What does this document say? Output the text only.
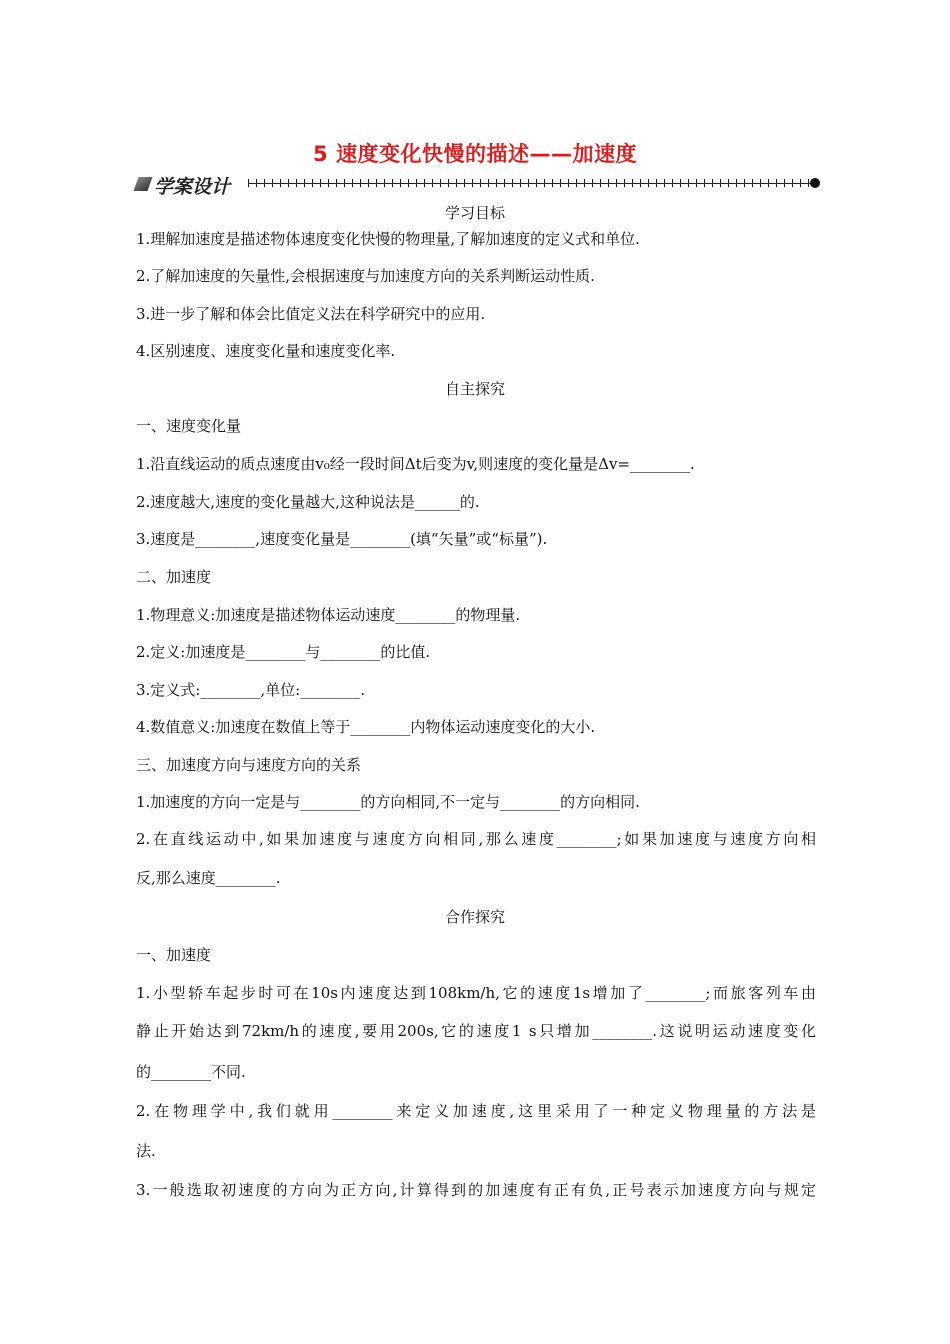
5 速度变化快慢的描述——加速度
学案设计
学习目标
1.理解加速度是描述物体速度变化快慢的物理量,了解加速度的定义式和单位.
2.了解加速度的矢量性,会根据速度与加速度方向的关系判断运动性质.
3.进一步了解和体会比值定义法在科学研究中的应用.
4.区别速度、速度变化量和速度变化率.
自主探究
一、速度变化量
1.沿直线运动的质点速度由v₀经一段时间Δt后变为v,则速度的变化量是Δv=________.
2.速度越大,速度的变化量越大,这种说法是______的.
3.速度是________,速度变化量是________(填“矢量”或“标量”).
二、加速度
1.物理意义:加速度是描述物体运动速度________的物理量.
2.定义:加速度是________与________的比值.
3.定义式:________,单位:________.
4.数值意义:加速度在数值上等于________内物体运动速度变化的大小.
三、加速度方向与速度方向的关系
1.加速度的方向一定是与________的方向相同,不一定与________的方向相同.
2.在直线运动中,如果加速度与速度方向相同,那么速度________;如果加速度与速度方向相
反,那么速度________.
合作探究
一、加速度
1.小型轿车起步时可在10s内速度达到108km/h,它的速度1s增加了________;而旅客列车由
静止开始达到72km/h的速度,要用200s,它的速度1 s只增加________.这说明运动速度变化
的________不同.
2.在物理学中,我们就用________来定义加速度,这里采用了一种定义物理量的方法是
法.
3.一般选取初速度的方向为正方向,计算得到的加速度有正有负,正号表示加速度方向与规定
